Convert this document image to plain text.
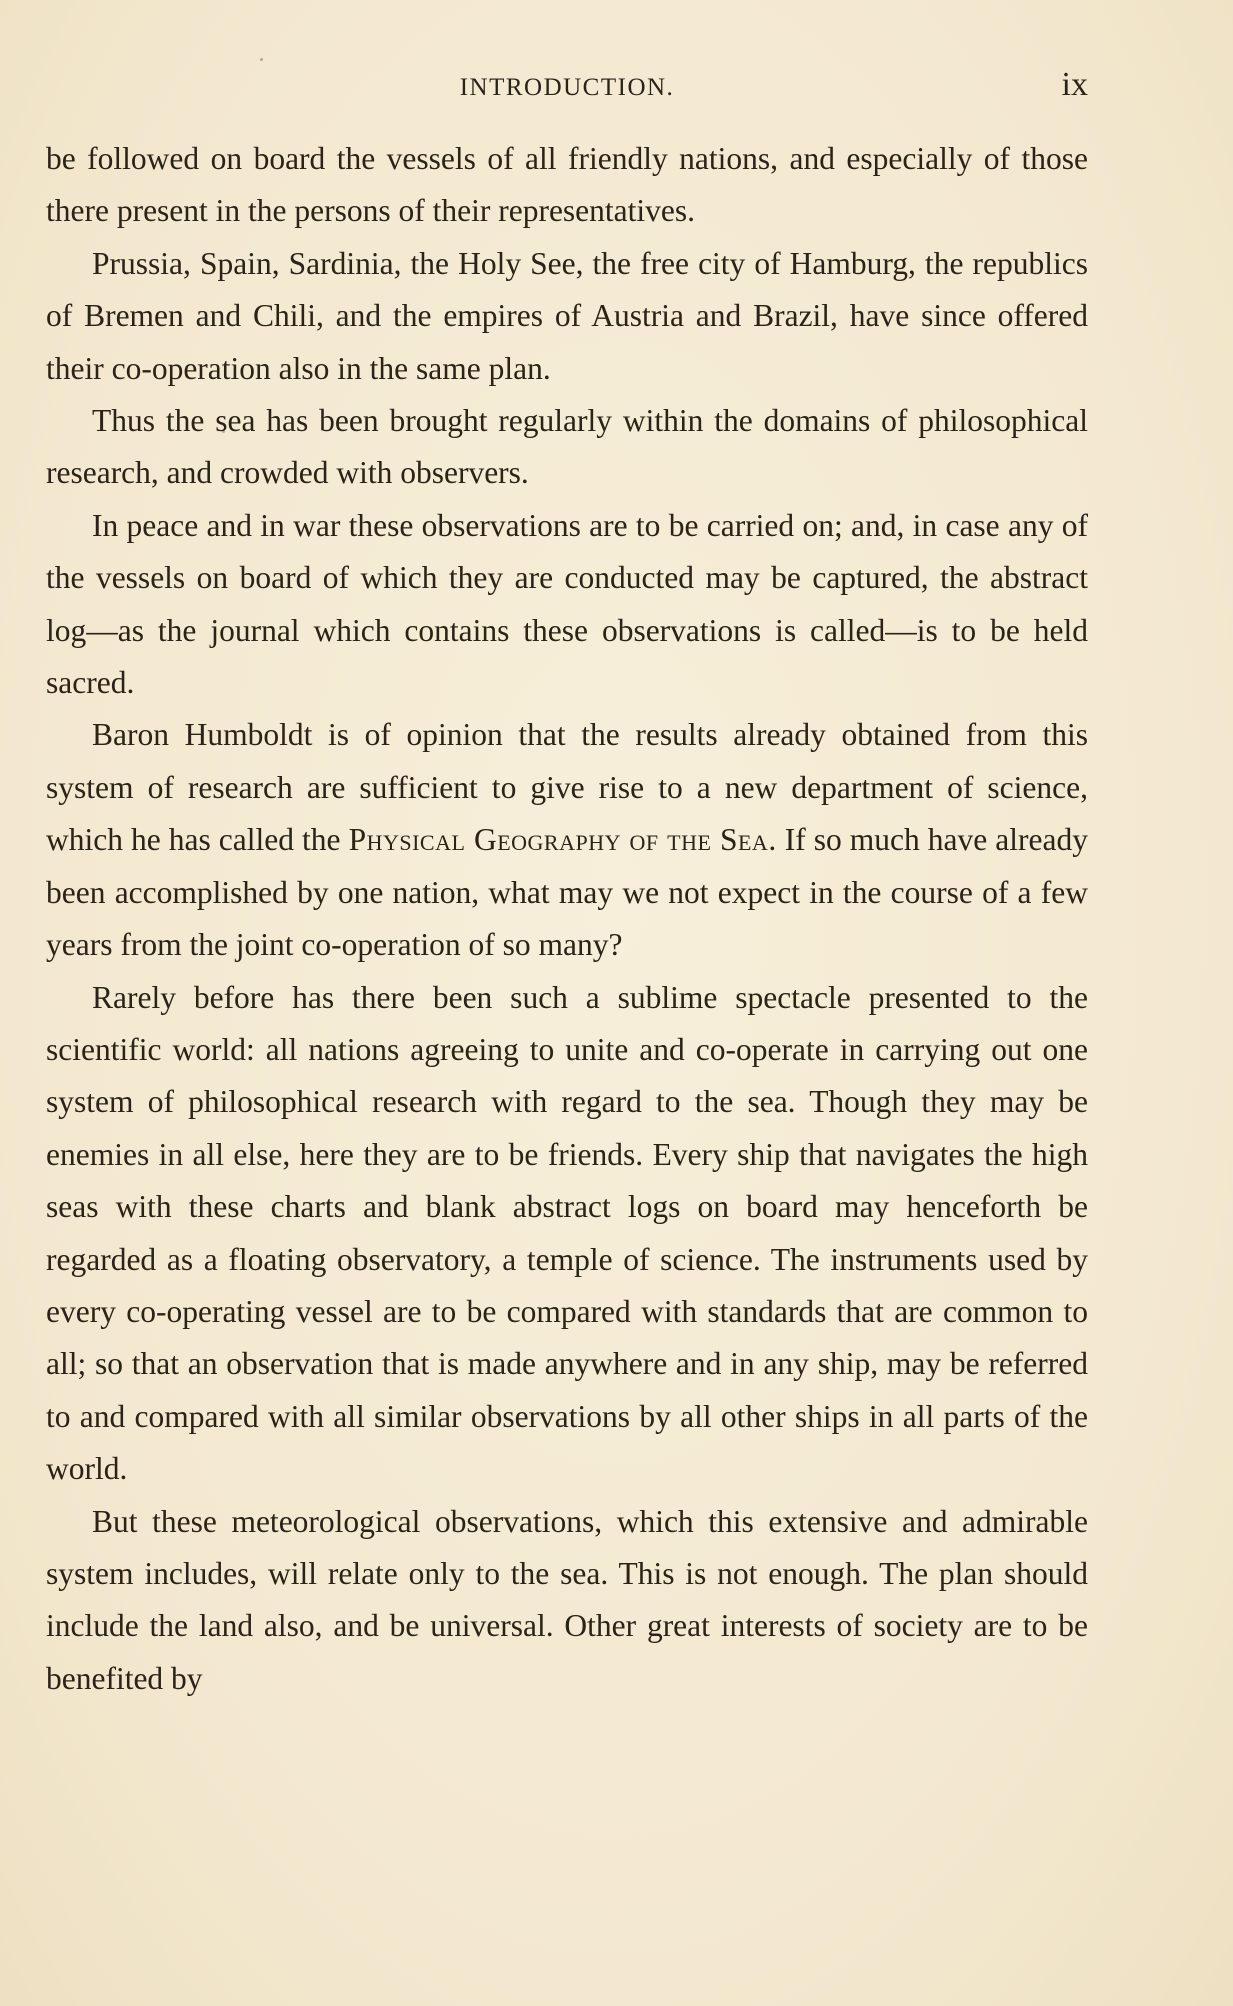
INTRODUCTION.	ix

be followed on board the vessels of all friendly nations, and especially of those there present in the persons of their representatives.

Prussia, Spain, Sardinia, the Holy See, the free city of Hamburg, the republics of Bremen and Chili, and the empires of Austria and Brazil, have since offered their co-operation also in the same plan.

Thus the sea has been brought regularly within the domains of philosophical research, and crowded with observers.

In peace and in war these observations are to be carried on; and, in case any of the vessels on board of which they are conducted may be captured, the abstract log—as the journal which contains these observations is called—is to be held sacred.

Baron Humboldt is of opinion that the results already obtained from this system of research are sufficient to give rise to a new department of science, which he has called the Physical Geography of the Sea. If so much have already been accomplished by one nation, what may we not expect in the course of a few years from the joint co-operation of so many?

Rarely before has there been such a sublime spectacle presented to the scientific world: all nations agreeing to unite and co-operate in carrying out one system of philosophical research with regard to the sea. Though they may be enemies in all else, here they are to be friends. Every ship that navigates the high seas with these charts and blank abstract logs on board may henceforth be regarded as a floating observatory, a temple of science. The instruments used by every co-operating vessel are to be compared with standards that are common to all; so that an observation that is made anywhere and in any ship, may be referred to and compared with all similar observations by all other ships in all parts of the world.

But these meteorological observations, which this extensive and admirable system includes, will relate only to the sea. This is not enough. The plan should include the land also, and be universal. Other great interests of society are to be benefited by
